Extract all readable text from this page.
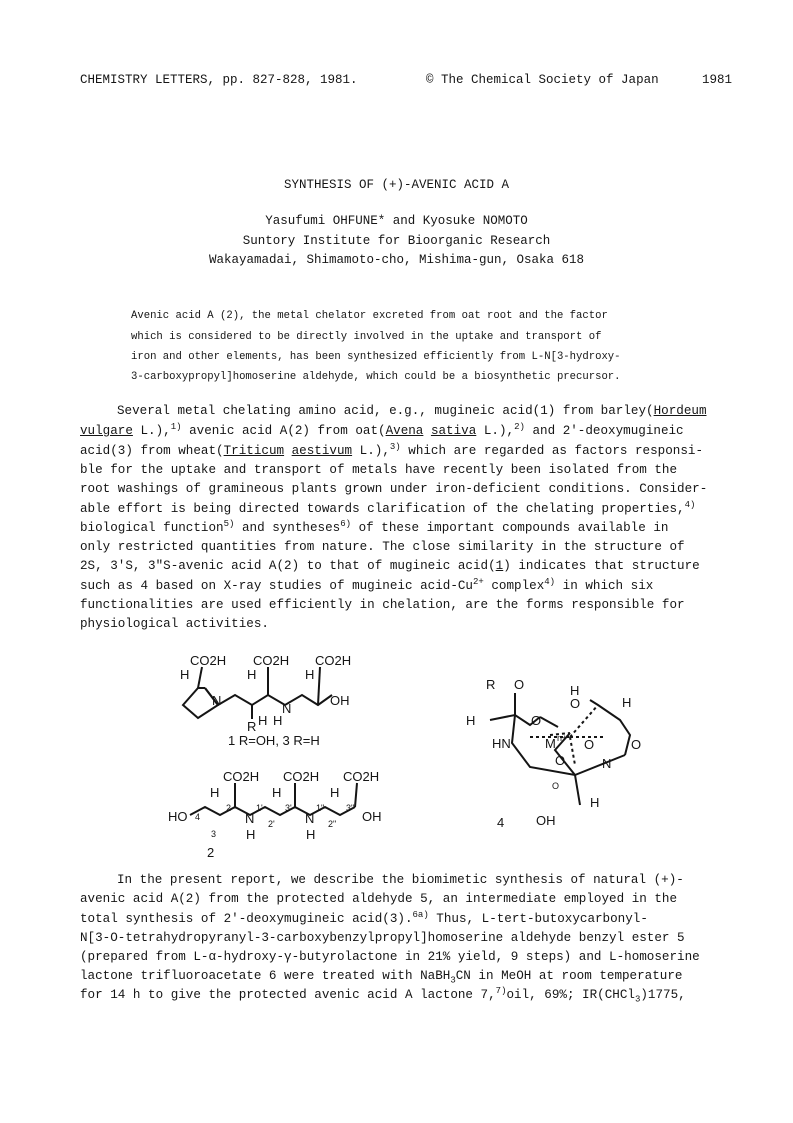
CHEMISTRY LETTERS, pp. 827-828, 1981.	© The Chemical Society of Japan	1981
SYNTHESIS OF (+)-AVENIC ACID A
Yasufumi OHFUNE* and Kyosuke NOMOTO
Suntory Institute for Bioorganic Research
Wakayamadai, Shimamoto-cho, Mishima-gun, Osaka 618
Avenic acid A (2), the metal chelator excreted from oat root and the factor
which is considered to be directly involved in the uptake and transport of
iron and other elements, has been synthesized efficiently from L-N[3-hydroxy-
3-carboxypropyl]homoserine aldehyde, which could be a biosynthetic precursor.
Several metal chelating amino acid, e.g., mugineic acid(1) from barley(Hordeum
vulgare L.),$^{1)}$ avenic acid A(2) from oat(Avena sativa L.),$^{2)}$ and 2'-deoxymugineic
acid(3) from wheat(Triticum aestivum L.),$^{3)}$ which are regarded as factors responsi-
ble for the uptake and transport of metals have recently been isolated from the
root washings of gramineous plants grown under iron-deficient conditions. Consider-
able effort is being directed towards clarification of the chelating properties,$^{4)}$
biological function$^{5)}$ and syntheses$^{6)}$ of these important compounds available in
only restricted quantities from nature. The close similarity in the structure of
2S, 3'S, 3"S-avenic acid A(2) to that of mugineic acid(1) indicates that structure
such as 4 based on X-ray studies of mugineic acid-$Cu^{2+}$ complex$^{4)}$ in which six
functionalities are used efficiently in chelation, are the forms responsible for
physiological activities.
CO2H CO2H CO2H
H	H	H
N
N
OH
R H H
1 R=OH, 3 R=H
CO2H CO2H CO2H
H	H	H
HO 4
3
2
N
1'
2'
3'
H
N
1"
2"
3"
H
OH
2
R O	H
O	H
H	O
HN	M n+ O
O
O
N
H
OH
O
4
In the present report, we describe the biomimetic synthesis of natural (+)-
avenic acid A(2) from the protected aldehyde 5, an intermediate employed in the
total synthesis of 2'-deoxymugineic acid(3).$^{6a)}$ Thus, L-tert-butoxycarbonyl-
N[3-O-tetrahydropyranyl-3-carboxybenzylpropyl]homoserine aldehyde benzyl ester 5
(prepared from L-α-hydroxy-γ-butyrolactone in 21% yield, 9 steps) and L-homoserine
lactone trifluoroacetate 6 were treated with NaBH$_3$CN in MeOH at room temperature
for 14 h to give the protected avenic acid A lactone 7,$^{7)}$oil, 69%; IR(CHCl$_3$)1775,
